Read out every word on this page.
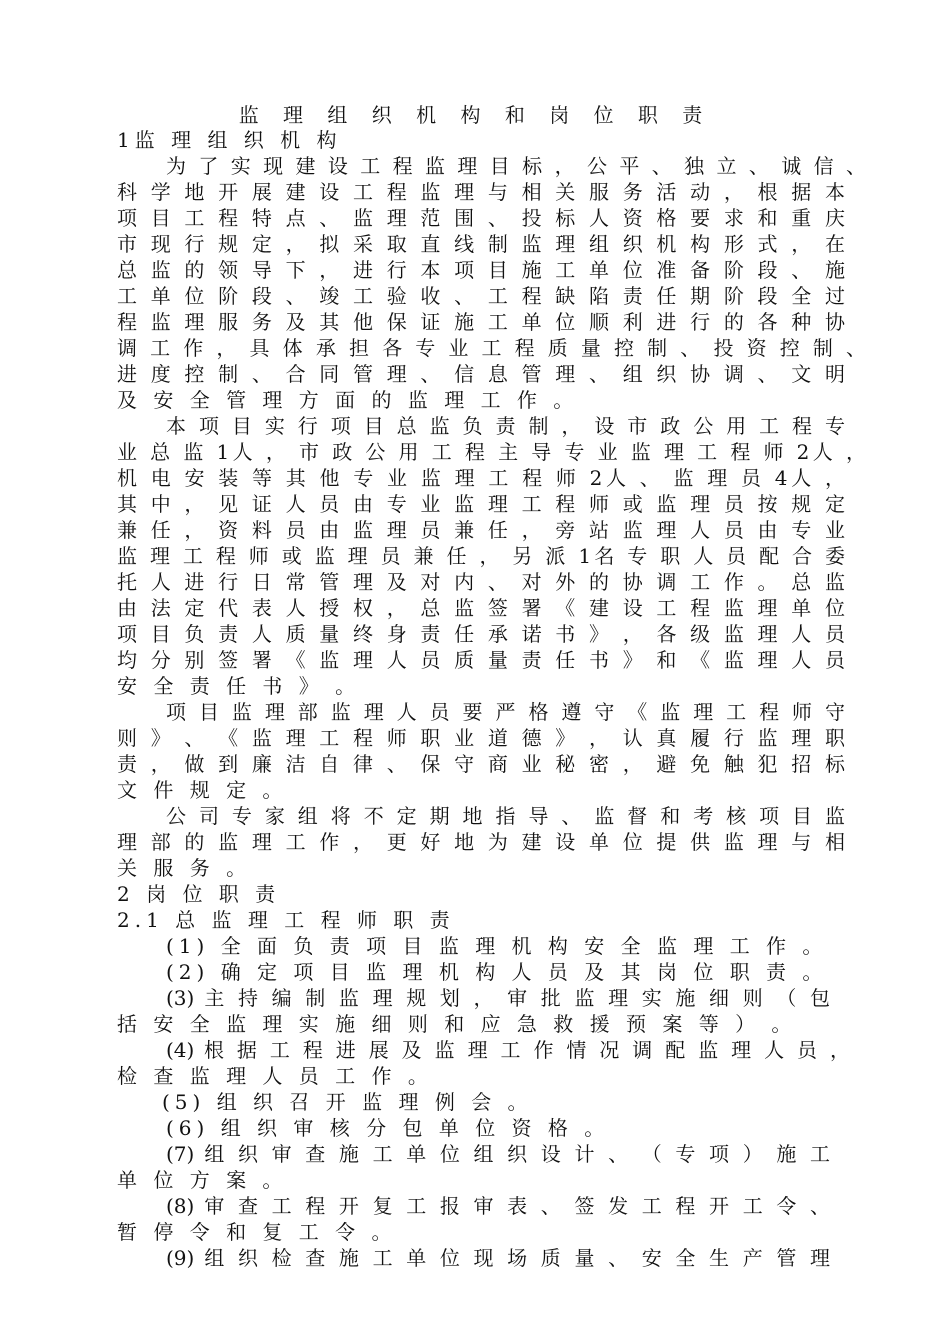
监 理 组 织 机 构 和 岗 位 职 责
1监 理 组 织 机 构
为 了 实 现 建 设 工 程 监 理 目 标 ， 公 平 、 独 立 、 诚 信 、
科 学 地 开 展 建 设 工 程 监 理 与 相 关 服 务 活 动 ， 根 据 本
项 目 工 程 特 点 、 监 理 范 围 、 投 标 人 资 格 要 求 和 重 庆
市 现 行 规 定 ， 拟 采 取 直 线 制 监 理 组 织 机 构 形 式 ， 在
总 监 的 领 导 下 ， 进 行 本 项 目 施 工 单 位 准 备 阶 段 、 施
工 单 位 阶 段 、 竣 工 验 收 、 工 程 缺 陷 责 任 期 阶 段 全 过
程 监 理 服 务 及 其 他 保 证 施 工 单 位 顺 利 进 行 的 各 种 协
调 工 作 ， 具 体 承 担 各 专 业 工 程 质 量 控 制 、 投 资 控 制 、
进 度 控 制 、 合 同 管 理 、 信 息 管 理 、 组 织 协 调 、 文 明
及 安 全 管 理 方 面 的 监 理 工 作 。
本 项 目 实 行 项 目 总 监 负 责 制 ， 设 市 政 公 用 工 程 专
业 总 监 1人 ， 市 政 公 用 工 程 主 导 专 业 监 理 工 程 师 2人 ，
机 电 安 装 等 其 他 专 业 监 理 工 程 师 2人 、 监 理 员 4人 ，
其 中 ， 见 证 人 员 由 专 业 监 理 工 程 师 或 监 理 员 按 规 定
兼 任 ， 资 料 员 由 监 理 员 兼 任 ， 旁 站 监 理 人 员 由 专 业
监 理 工 程 师 或 监 理 员 兼 任 ， 另 派 1名 专 职 人 员 配 合 委
托 人 进 行 日 常 管 理 及 对 内 、 对 外 的 协 调 工 作 。 总 监
由 法 定 代 表 人 授 权 ， 总 监 签 署 《 建 设 工 程 监 理 单 位
项 目 负 责 人 质 量 终 身 责 任 承 诺 书 》 ， 各 级 监 理 人 员
均 分 别 签 署 《 监 理 人 员 质 量 责 任 书 》 和 《 监 理 人 员
安 全 责 任 书 》 。
项 目 监 理 部 监 理 人 员 要 严 格 遵 守 《 监 理 工 程 师 守
则 》 、 《 监 理 工 程 师 职 业 道 德 》 ， 认 真 履 行 监 理 职
责 ， 做 到 廉 洁 自 律 、 保 守 商 业 秘 密 ， 避 免 触 犯 招 标
文 件 规 定 。
公 司 专 家 组 将 不 定 期 地 指 导 、 监 督 和 考 核 项 目 监
理 部 的 监 理 工 作 ， 更 好 地 为 建 设 单 位 提 供 监 理 与 相
关 服 务 。
2 岗 位 职 责
2.1 总 监 理 工 程 师 职 责
(1) 全 面 负 责 项 目 监 理 机 构 安 全 监 理 工 作 。
(2) 确 定 项 目 监 理 机 构 人 员 及 其 岗 位 职 责 。
(3) 主 持 编 制 监 理 规 划 ， 审 批 监 理 实 施 细 则 （ 包
括 安 全 监 理 实 施 细 则 和 应 急 救 援 预 案 等 ） 。
(4) 根 据 工 程 进 展 及 监 理 工 作 情 况 调 配 监 理 人 员 ，
检 查 监 理 人 员 工 作 。
(5) 组 织 召 开 监 理 例 会 。
(6) 组 织 审 核 分 包 单 位 资 格 。
(7) 组 织 审 查 施 工 单 位 组 织 设 计 、 （ 专 项 ） 施 工
单 位 方 案 。
(8) 审 查 工 程 开 复 工 报 审 表 、 签 发 工 程 开 工 令 、
暂 停 令 和 复 工 令 。
(9) 组 织 检 查 施 工 单 位 现 场 质 量 、 安 全 生 产 管 理
